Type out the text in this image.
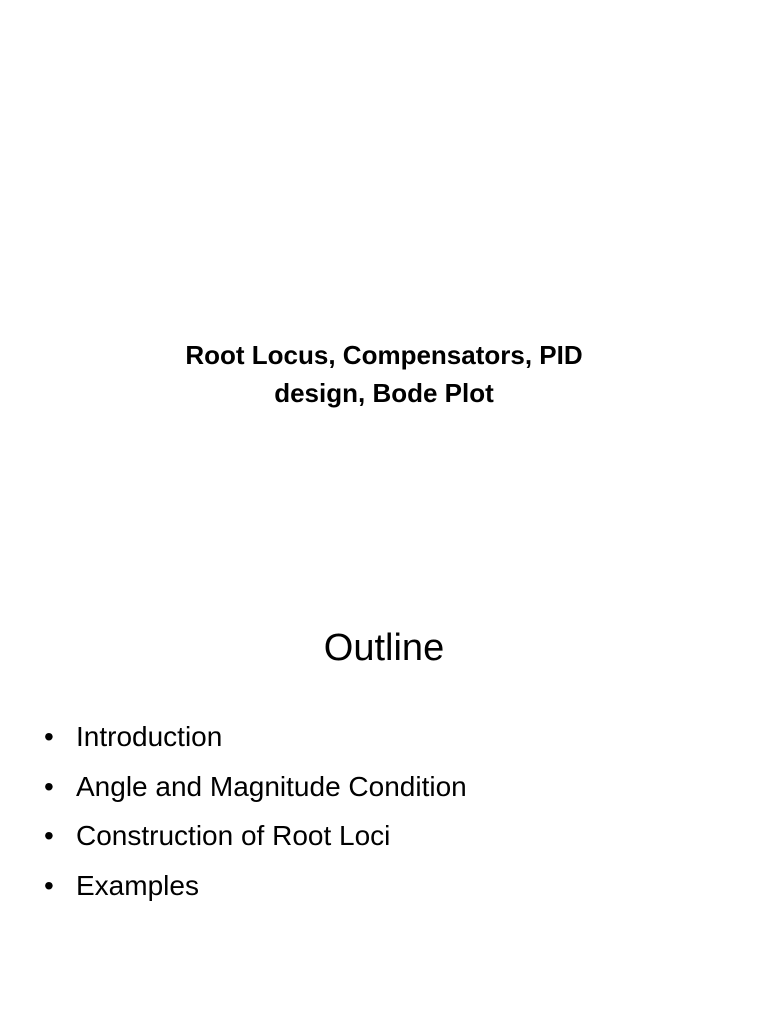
Root Locus, Compensators, PID
design, Bode Plot
Outline
• Introduction
• Angle and Magnitude Condition
• Construction of Root Loci
• Examples
